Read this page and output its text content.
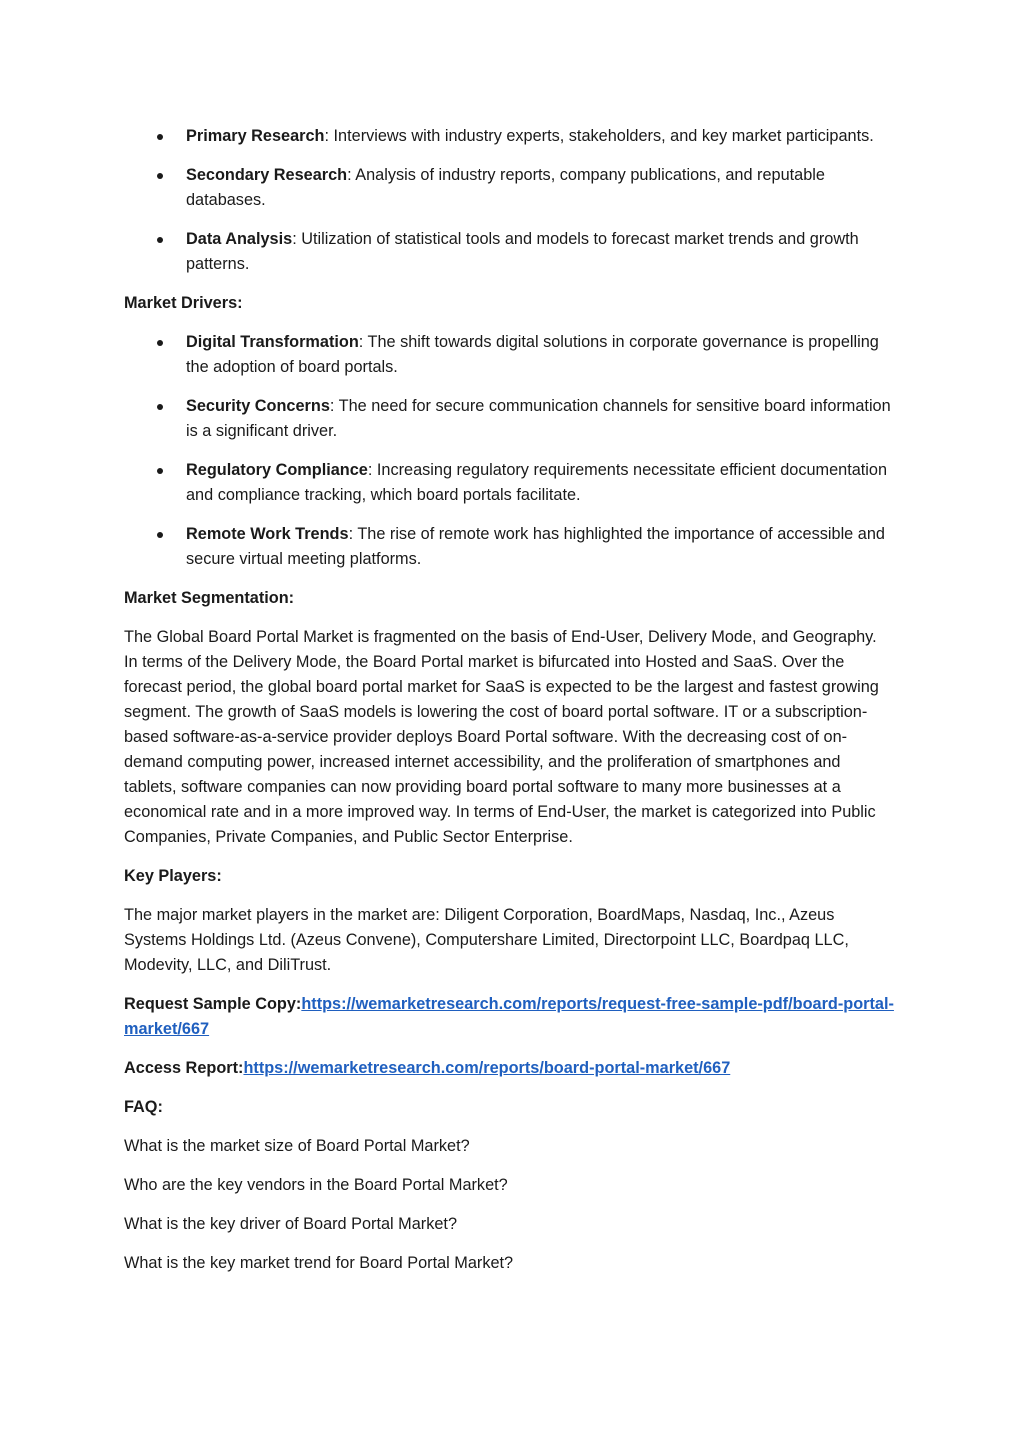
Primary Research: Interviews with industry experts, stakeholders, and key market participants.
Secondary Research: Analysis of industry reports, company publications, and reputable databases.
Data Analysis: Utilization of statistical tools and models to forecast market trends and growth patterns.
Market Drivers:
Digital Transformation: The shift towards digital solutions in corporate governance is propelling the adoption of board portals.
Security Concerns: The need for secure communication channels for sensitive board information is a significant driver.
Regulatory Compliance: Increasing regulatory requirements necessitate efficient documentation and compliance tracking, which board portals facilitate.
Remote Work Trends: The rise of remote work has highlighted the importance of accessible and secure virtual meeting platforms.
Market Segmentation:

The Global Board Portal Market is fragmented on the basis of End-User, Delivery Mode, and Geography. In terms of the Delivery Mode, the Board Portal market is bifurcated into Hosted and SaaS. Over the forecast period, the global board portal market for SaaS is expected to be the largest and fastest growing segment. The growth of SaaS models is lowering the cost of board portal software. IT or a subscription-based software-as-a-service provider deploys Board Portal software. With the decreasing cost of on-demand computing power, increased internet accessibility, and the proliferation of smartphones and tablets, software companies can now providing board portal software to many more businesses at a economical rate and in a more improved way. In terms of End-User, the market is categorized into Public Companies, Private Companies, and Public Sector Enterprise.

Key Players:

The major market players in the market are: Diligent Corporation, BoardMaps, Nasdaq, Inc., Azeus Systems Holdings Ltd. (Azeus Convene), Computershare Limited, Directorpoint LLC, Boardpaq LLC, Modevity, LLC, and DiliTrust.

Request Sample Copy:https://wemarketresearch.com/reports/request-free-sample-pdf/board-portal-market/667

Access Report:https://wemarketresearch.com/reports/board-portal-market/667

FAQ:

What is the market size of Board Portal Market?

Who are the key vendors in the Board Portal Market?

What is the key driver of Board Portal Market?

What is the key market trend for Board Portal Market?
